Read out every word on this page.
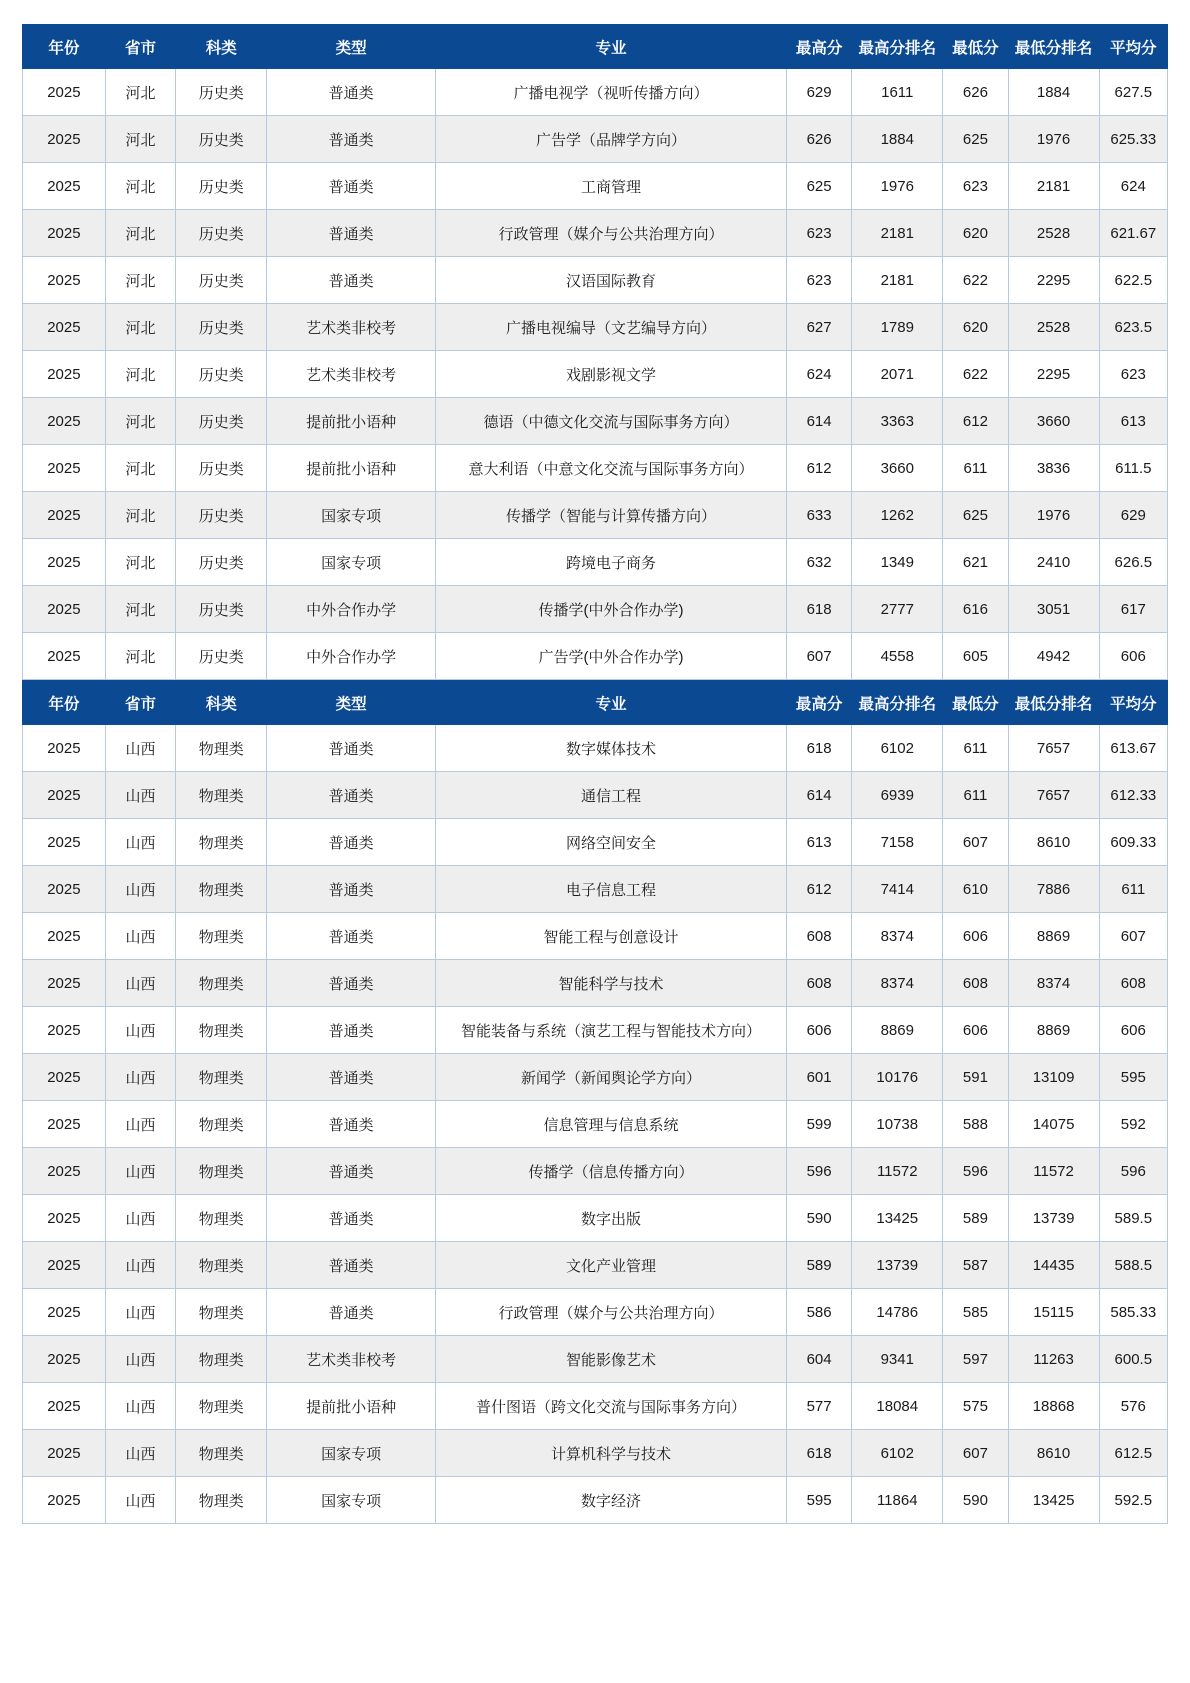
年份	省市	科类	类型	专业	最高分	最高分排名	最低分	最低分排名	平均分
2025	河北	历史类	普通类	广播电视学（视听传播方向）	629	1611	626	1884	627.5
2025	河北	历史类	普通类	广告学（品牌学方向）	626	1884	625	1976	625.33
2025	河北	历史类	普通类	工商管理	625	1976	623	2181	624
2025	河北	历史类	普通类	行政管理（媒介与公共治理方向）	623	2181	620	2528	621.67
2025	河北	历史类	普通类	汉语国际教育	623	2181	622	2295	622.5
2025	河北	历史类	艺术类非校考	广播电视编导（文艺编导方向）	627	1789	620	2528	623.5
2025	河北	历史类	艺术类非校考	戏剧影视文学	624	2071	622	2295	623
2025	河北	历史类	提前批小语种	德语（中德文化交流与国际事务方向）	614	3363	612	3660	613
2025	河北	历史类	提前批小语种	意大利语（中意文化交流与国际事务方向）	612	3660	611	3836	611.5
2025	河北	历史类	国家专项	传播学（智能与计算传播方向）	633	1262	625	1976	629
2025	河北	历史类	国家专项	跨境电子商务	632	1349	621	2410	626.5
2025	河北	历史类	中外合作办学	传播学(中外合作办学)	618	2777	616	3051	617
2025	河北	历史类	中外合作办学	广告学(中外合作办学)	607	4558	605	4942	606
年份	省市	科类	类型	专业	最高分	最高分排名	最低分	最低分排名	平均分
2025	山西	物理类	普通类	数字媒体技术	618	6102	611	7657	613.67
2025	山西	物理类	普通类	通信工程	614	6939	611	7657	612.33
2025	山西	物理类	普通类	网络空间安全	613	7158	607	8610	609.33
2025	山西	物理类	普通类	电子信息工程	612	7414	610	7886	611
2025	山西	物理类	普通类	智能工程与创意设计	608	8374	606	8869	607
2025	山西	物理类	普通类	智能科学与技术	608	8374	608	8374	608
2025	山西	物理类	普通类	智能装备与系统（演艺工程与智能技术方向）	606	8869	606	8869	606
2025	山西	物理类	普通类	新闻学（新闻舆论学方向）	601	10176	591	13109	595
2025	山西	物理类	普通类	信息管理与信息系统	599	10738	588	14075	592
2025	山西	物理类	普通类	传播学（信息传播方向）	596	11572	596	11572	596
2025	山西	物理类	普通类	数字出版	590	13425	589	13739	589.5
2025	山西	物理类	普通类	文化产业管理	589	13739	587	14435	588.5
2025	山西	物理类	普通类	行政管理（媒介与公共治理方向）	586	14786	585	15115	585.33
2025	山西	物理类	艺术类非校考	智能影像艺术	604	9341	597	11263	600.5
2025	山西	物理类	提前批小语种	普什图语（跨文化交流与国际事务方向）	577	18084	575	18868	576
2025	山西	物理类	国家专项	计算机科学与技术	618	6102	607	8610	612.5
2025	山西	物理类	国家专项	数字经济	595	11864	590	13425	592.5
